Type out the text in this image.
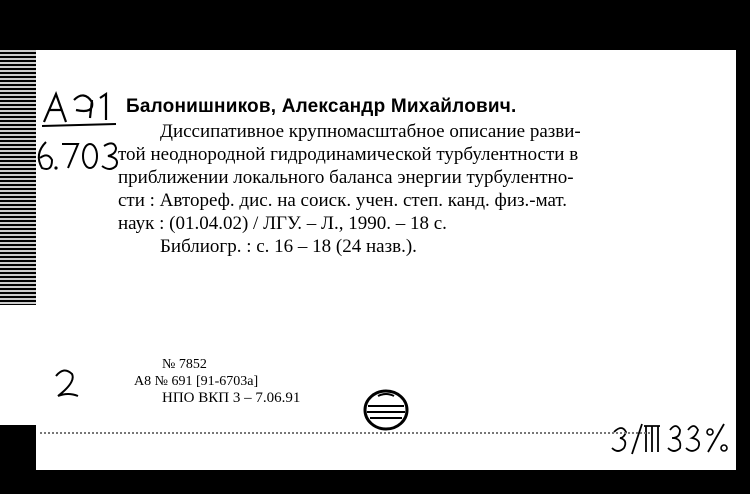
Балонишников, Александр Михайлович.
Диссипативное крупномасштабное описание разви-
той неоднородной гидродинамической турбулентности в
приближении локального баланса энергии турбулентно-
сти : Автореф. дис. на соиск. учен. степ. канд. физ.-мат.
наук : (01.04.02) / ЛГУ. – Л., 1990. – 18 с.
Библиогр. : с. 16 – 18 (24 назв.).
№ 7852
А8 № 691 [91-6703а]
НПО ВКП 3 – 7.06.91
